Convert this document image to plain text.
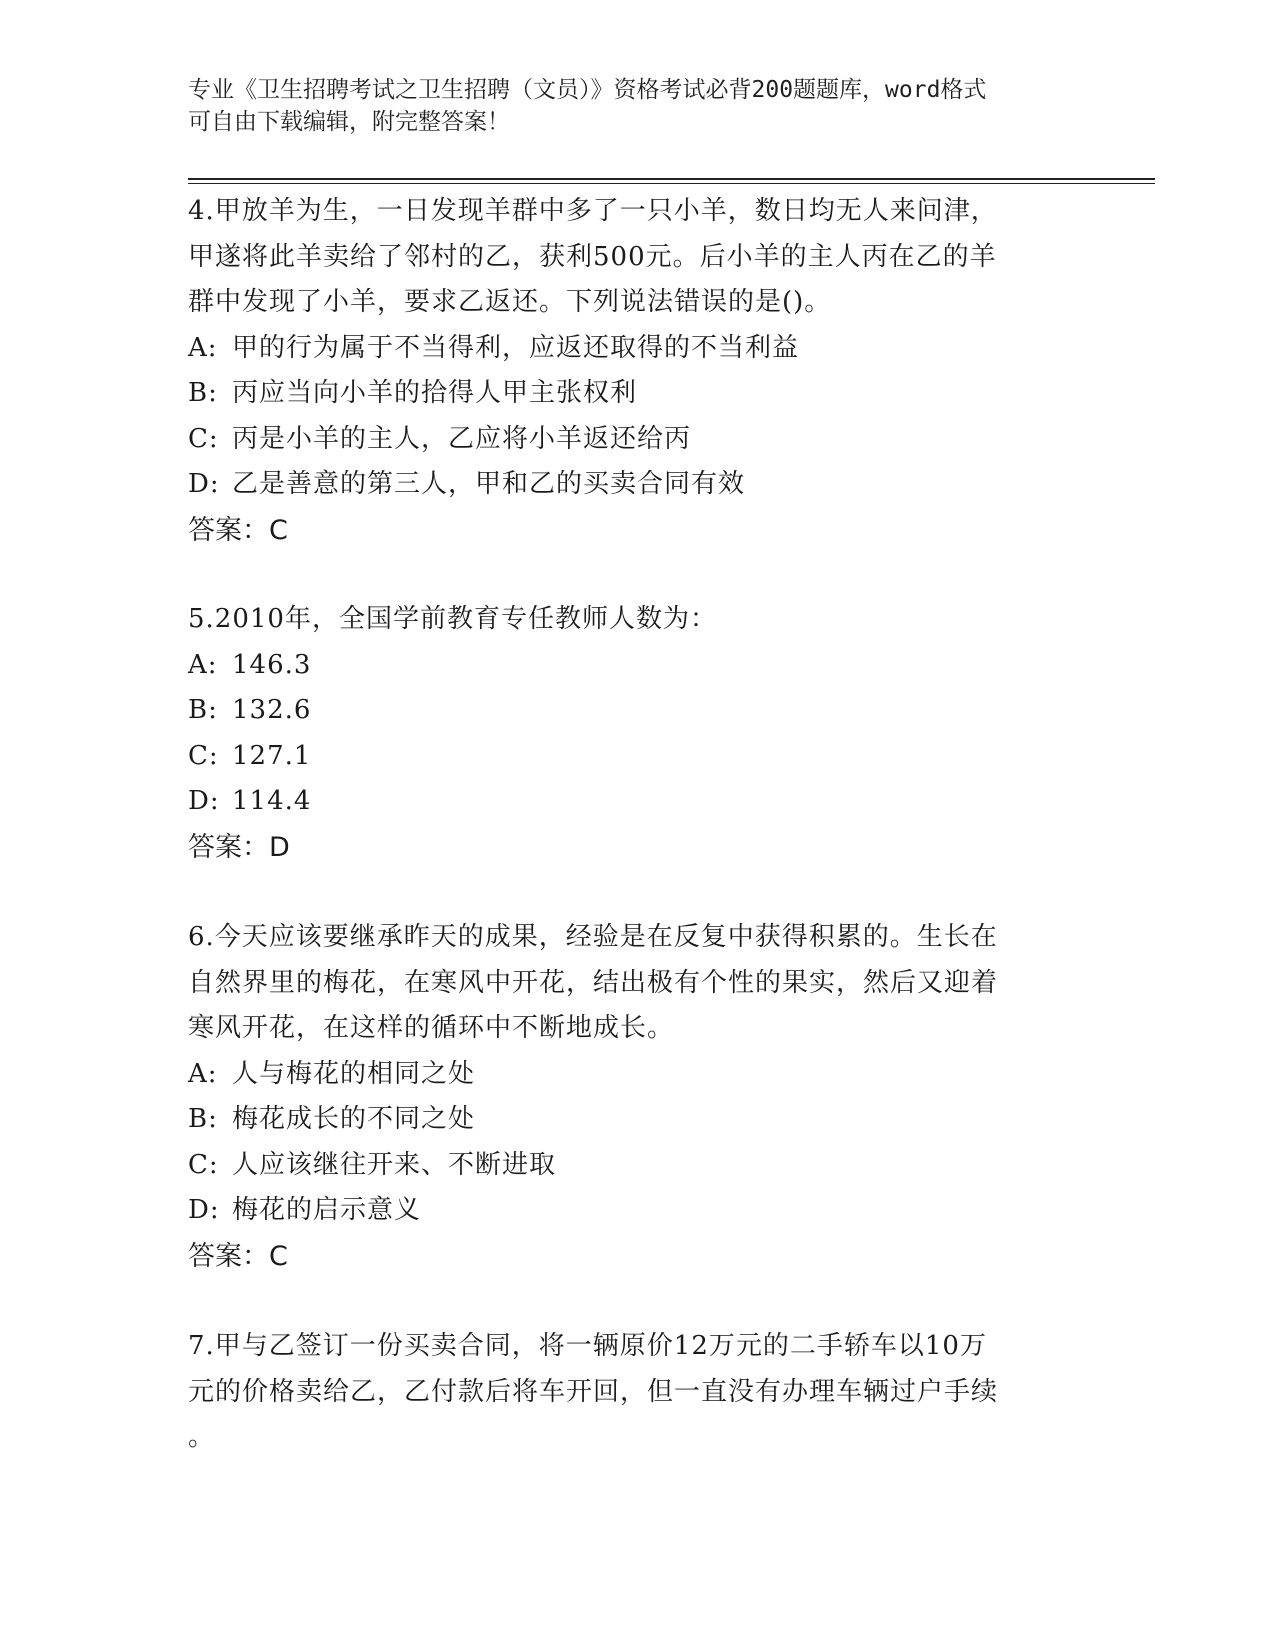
专业《卫生招聘考试之卫生招聘（文员）》资格考试必背200题题库，word格式
可自由下载编辑，附完整答案！
4.甲放羊为生，一日发现羊群中多了一只小羊，数日均无人来问津，
甲遂将此羊卖给了邻村的乙，获利500元。后小羊的主人丙在乙的羊
群中发现了小羊，要求乙返还。下列说法错误的是()。
A: 甲的行为属于不当得利，应返还取得的不当利益
B: 丙应当向小羊的拾得人甲主张权利
C: 丙是小羊的主人，乙应将小羊返还给丙
D: 乙是善意的第三人，甲和乙的买卖合同有效
答案：C
5.2010年，全国学前教育专任教师人数为：
A: 146.3
B: 132.6
C: 127.1
D: 114.4
答案：D
6.今天应该要继承昨天的成果，经验是在反复中获得积累的。生长在
自然界里的梅花，在寒风中开花，结出极有个性的果实，然后又迎着
寒风开花，在这样的循环中不断地成长。
A: 人与梅花的相同之处
B: 梅花成长的不同之处
C: 人应该继往开来、不断进取
D: 梅花的启示意义
答案：C
7.甲与乙签订一份买卖合同，将一辆原价12万元的二手轿车以10万
元的价格卖给乙，乙付款后将车开回，但一直没有办理车辆过户手续
。
